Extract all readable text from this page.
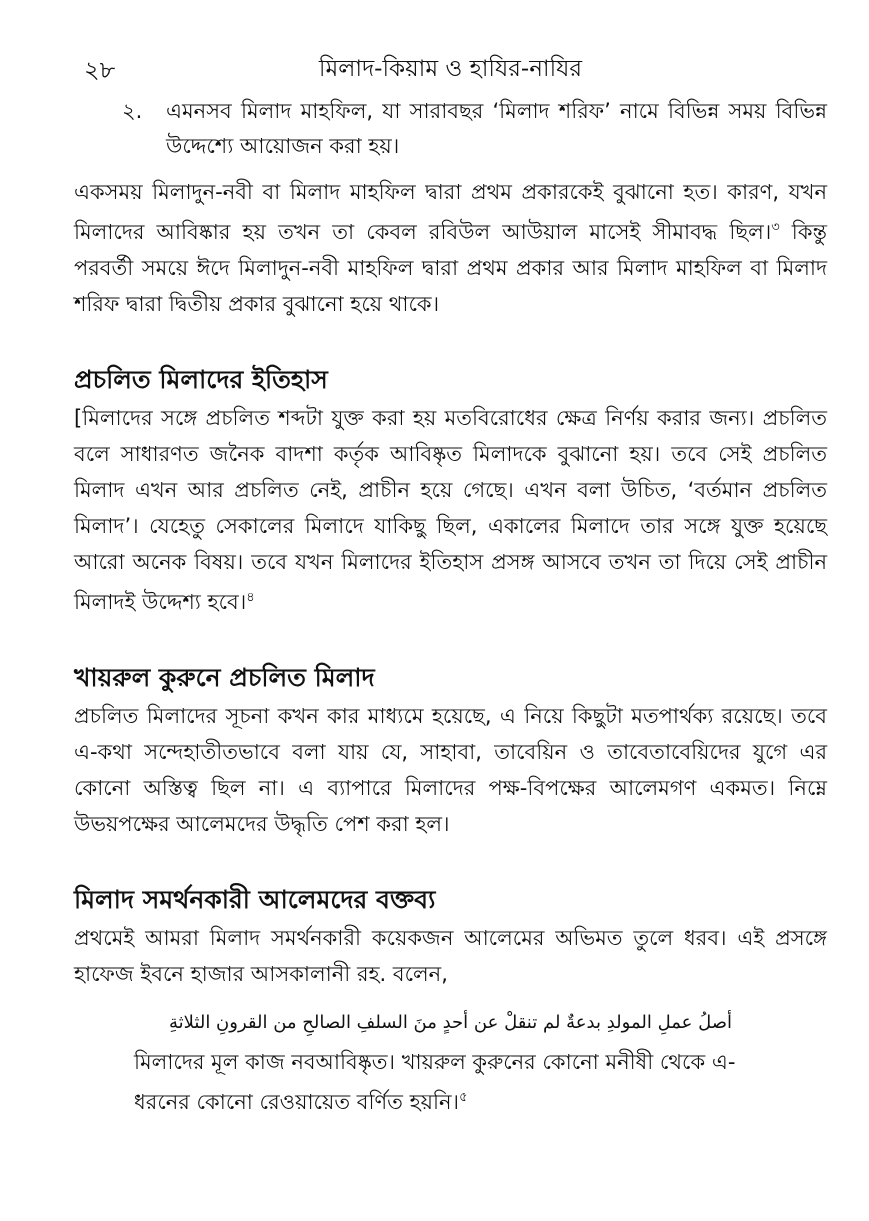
২৮	মিলাদ-কিয়াম ও হাযির-নাযির
২.	এমনসব মিলাদ মাহফিল, যা সারাবছর ‘মিলাদ শরিফ’ নামে বিভিন্ন সময় বিভিন্ন উদ্দেশ্যে আয়োজন করা হয়।

একসময় মিলাদুন-নবী বা মিলাদ মাহফিল দ্বারা প্রথম প্রকারকেই বুঝানো হত। কারণ, যখন মিলাদের আবিষ্কার হয় তখন তা কেবল রবিউল আউয়াল মাসেই সীমাবদ্ধ ছিল।$^৩$ কিন্তু পরবর্তী সময়ে ঈদে মিলাদুন-নবী মাহফিল দ্বারা প্রথম প্রকার আর মিলাদ মাহফিল বা মিলাদ শরিফ দ্বারা দ্বিতীয় প্রকার বুঝানো হয়ে থাকে।

প্রচলিত মিলাদের ইতিহাস

[মিলাদের সঙ্গে প্রচলিত শব্দটা যুক্ত করা হয় মতবিরোধের ক্ষেত্র নির্ণয় করার জন্য। প্রচলিত বলে সাধারণত জনৈক বাদশা কর্তৃক আবিষ্কৃত মিলাদকে বুঝানো হয়। তবে সেই প্রচলিত মিলাদ এখন আর প্রচলিত নেই, প্রাচীন হয়ে গেছে। এখন বলা উচিত, ‘বর্তমান প্রচলিত মিলাদ’। যেহেতু সেকালের মিলাদে যাকিছু ছিল, একালের মিলাদে তার সঙ্গে যুক্ত হয়েছে আরো অনেক বিষয়। তবে যখন মিলাদের ইতিহাস প্রসঙ্গ আসবে তখন তা দিয়ে সেই প্রাচীন মিলাদই উদ্দেশ্য হবে।$^৪$

খায়রুল কুরুনে প্রচলিত মিলাদ

প্রচলিত মিলাদের সূচনা কখন কার মাধ্যমে হয়েছে, এ নিয়ে কিছুটা মতপার্থক্য রয়েছে। তবে এ-কথা সন্দেহাতীতভাবে বলা যায় যে, সাহাবা, তাবেয়িন ও তাবেতাবেয়িদের যুগে এর কোনো অস্তিত্ব ছিল না। এ ব্যাপারে মিলাদের পক্ষ-বিপক্ষের আলেমগণ একমত। নিম্নে উভয়পক্ষের আলেমদের উদ্ধৃতি পেশ করা হল।

মিলাদ সমর্থনকারী আলেমদের বক্তব্য

প্রথমেই আমরা মিলাদ সমর্থনকারী কয়েকজন আলেমের অভিমত তুলে ধরব। এই প্রসঙ্গে হাফেজ ইবনে হাজার আসকালানী রহ. বলেন,

أصلُ عملِ المولدِ بدعةٌ لم تنقلْ عن أحدٍ منَ السلفِ الصالحِ من القرونِ الثلاثةِ
মিলাদের মূল কাজ নবআবিষ্কৃত। খায়রুল কুরুনের কোনো মনীষী থেকে এ-ধরনের কোনো রেওয়ায়েত বর্ণিত হয়নি।$^৫$
